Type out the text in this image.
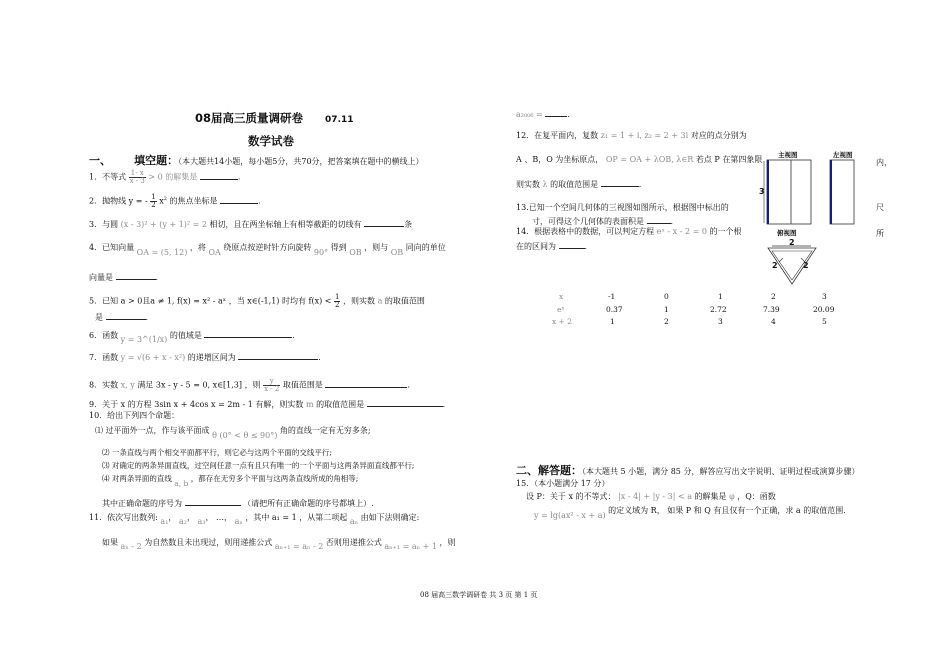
08届高三质量调研卷 07.11
数学试卷
一、 填空题：（本大题共14小题，每小题5分，共70分，把答案填在题中的横线上）
1．不等式 $\frac{1- x}{x - 3} > 0$ 的解集是	.
2．抛物线 y = - $\frac{1}{2} x^2$ 的焦点坐标是	.
3．与圆 (x - 3)² + (y + 1)² = 2 相切，且在两坐标轴上有相等截距的切线有	条
4．已知向量 OA = (5, 12) ，将 OA 绕原点按逆时针方向旋转 90° 得到 OB ，则与 OB 同向的单位
向量是	.
5．已知 a > 0且a ≠ 1, f(x) = x² - aˣ ，当 x∈(-1,1) 时均有 $f(x) < \frac{1}{2}$ ，则实数 a 的取值范围
是	.
6．函数 y = 3^(1/x) 的值域是	.
7．函数 y = √(6 + x - x²) 的递增区间为	.
8．实数 x, y 满足 3x - y - 5 = 0, x∈[1,3] ，则 $\frac{y}{x - 2}$ 取值范围是	.
9．关于 x 的方程 3sin x + 4cos x = 2m - 1 有解，则实数 m 的取值范围是	.
10．给出下列四个命题：
⑴ 过平面外一点，作与该平面成 θ (0° < θ ≤ 90°) 角的直线一定有无穷多条;
⑵ 一条直线与两个相交平面都平行，则它必与这两个平面的交线平行;
⑶ 对确定的两条异面直线，过空间任意一点有且只有唯一的一个平面与这两条异面直线都平行;
⑷ 对两条异面的直线 a, b ，都存在无穷多个平面与这两条直线所成的角相等;
其中正确命题的序号为	（请把所有正确命题的序号都填上）.
11．依次写出数列: a₁， a₂， a₃， …， aₙ ，其中 a₁ = 1 ，从第二项起 aₙ 由如下法则确定:
如果 aₙ - 2 为自然数且未出现过，则用递推公式 aₙ₊₁ = aₙ - 2 否则用递推公式 aₙ₊₁ = aₙ + 1 ，则
a₂₀₀₆ =	.
12．在复平面内，复数 z₁ = 1 + i, z₂ = 2 + 3i 对应的点分别为
A 、B，O 为坐标原点， OP = OA + λOB, λ∈R 若点 P 在第四象限
则实数 λ 的取值范围是	.
13.已知一个空间几何体的三视图如图所示，根据图中标出的	尺
内，
寸，可得这个几何体的表面积是	.
所
14．根据表格中的数据，可以判定方程 eˣ - x - 2 = 0 的一个根
在的区间为	.
主视图	左视图
俯视图
3
2
2	2
x	-1	0	1	2	3
eˣ	0.37	1	2.72	7.39	20.09
x + 2	1	2	3	4	5
二、解答题：（本大题共 5 小题，满分 85 分，解答应写出文字说明、证明过程或演算步骤）
15．（本小题满分 17 分）
设 P：关于 x 的不等式： |x - 4| + |y - 3| < a 的解集是 φ ，Q：函数
y = lg(ax² - x + a) 的定义域为 R， 如果 P 和 Q 有且仅有一个正确，求 a 的取值范围.
08 届高三数学调研卷 共 3 页 第 1 页
